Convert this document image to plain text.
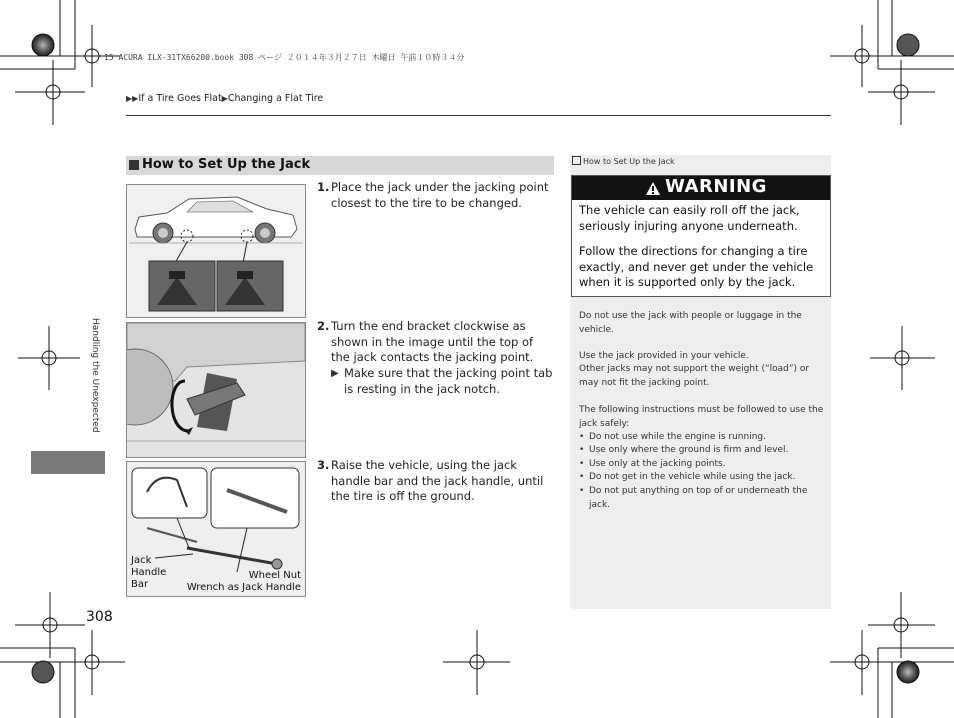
15 ACURA ILX-31TX66200.book 308 ページ ２０１４年３月２７日 木曜日 午前１０時３４分
▶▶If a Tire Goes Flat▶Changing a Flat Tire
Handling the Unexpected
How to Set Up the Jack
Jack
Handle
Bar
Wheel Nut
Wrench as Jack Handle
1. Place the jack under the jacking point closest to the tire to be changed.
2. Turn the end bracket clockwise as shown in the image until the top of the jack contacts the jacking point.
▶ Make sure that the jacking point tab is resting in the jack notch.
3. Raise the vehicle, using the jack handle bar and the jack handle, until the tire is off the ground.
How to Set Up the Jack
WARNING
The vehicle can easily roll off the jack, seriously injuring anyone underneath.
Follow the directions for changing a tire exactly, and never get under the vehicle when it is supported only by the jack.
Do not use the jack with people or luggage in the vehicle.
Use the jack provided in your vehicle.
Other jacks may not support the weight (“load”) or may not fit the jacking point.
The following instructions must be followed to use the jack safely:
• Do not use while the engine is running.
• Use only where the ground is firm and level.
• Use only at the jacking points.
• Do not get in the vehicle while using the jack.
• Do not put anything on top of or underneath the jack.
308
